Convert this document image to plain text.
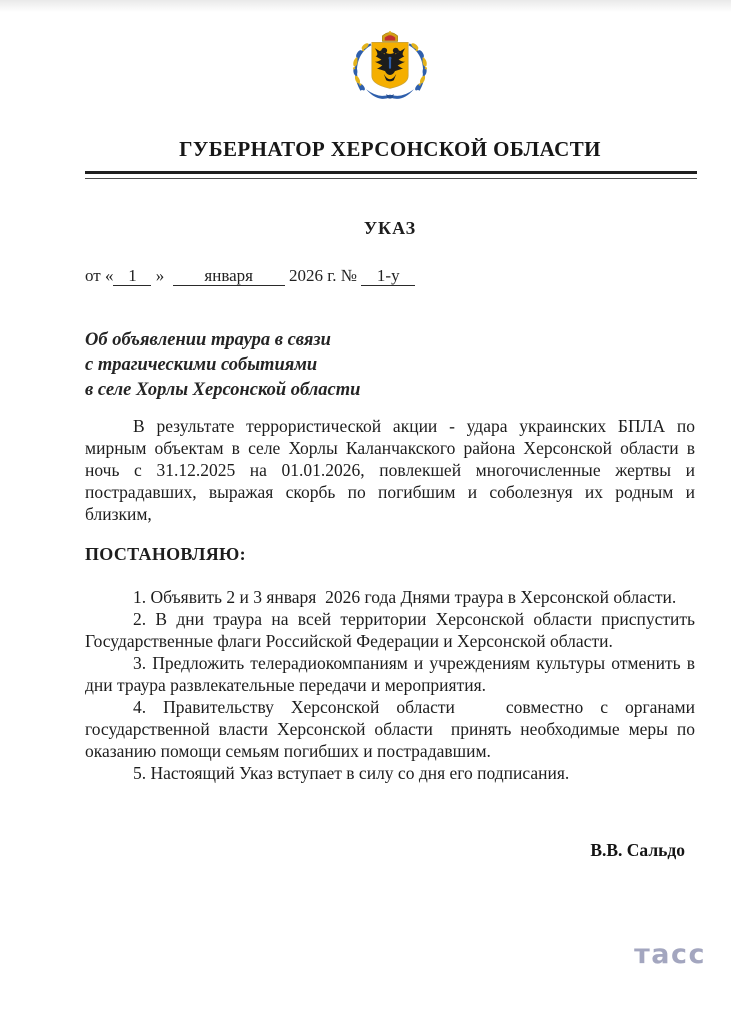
ГУБЕРНАТОР ХЕРСОНСКОЙ ОБЛАСТИ
УКАЗ
от « 1 » января 2026 г. № 1-у
Об объявлении траура в связи
с трагическими событиями
в селе Хорлы Херсонской области
В результате террористической акции - удара украинских БПЛА по мирным объектам в селе Хорлы Каланчакского района Херсонской области в ночь с 31.12.2025 на 01.01.2026, повлекшей многочисленные жертвы и пострадавших, выражая скорбь по погибшим и соболезнуя их родным и близким,
ПОСТАНОВЛЯЮ:

1. Объявить 2 и 3 января  2026 года Днями траура в Херсонской области.

2. В дни траура на всей территории Херсонской области приспустить Государственные флаги Российской Федерации и Херсонской области.

3. Предложить телерадиокомпаниям и учреждениям культуры отменить в дни траура развлекательные передачи и мероприятия.

4. Правительству Херсонской области   совместно с органами государственной власти Херсонской области  принять необходимые меры по оказанию помощи семьям погибших и пострадавшим.

5. Настоящий Указ вступает в силу со дня его подписания.

В.В. Сальдо
тасс
